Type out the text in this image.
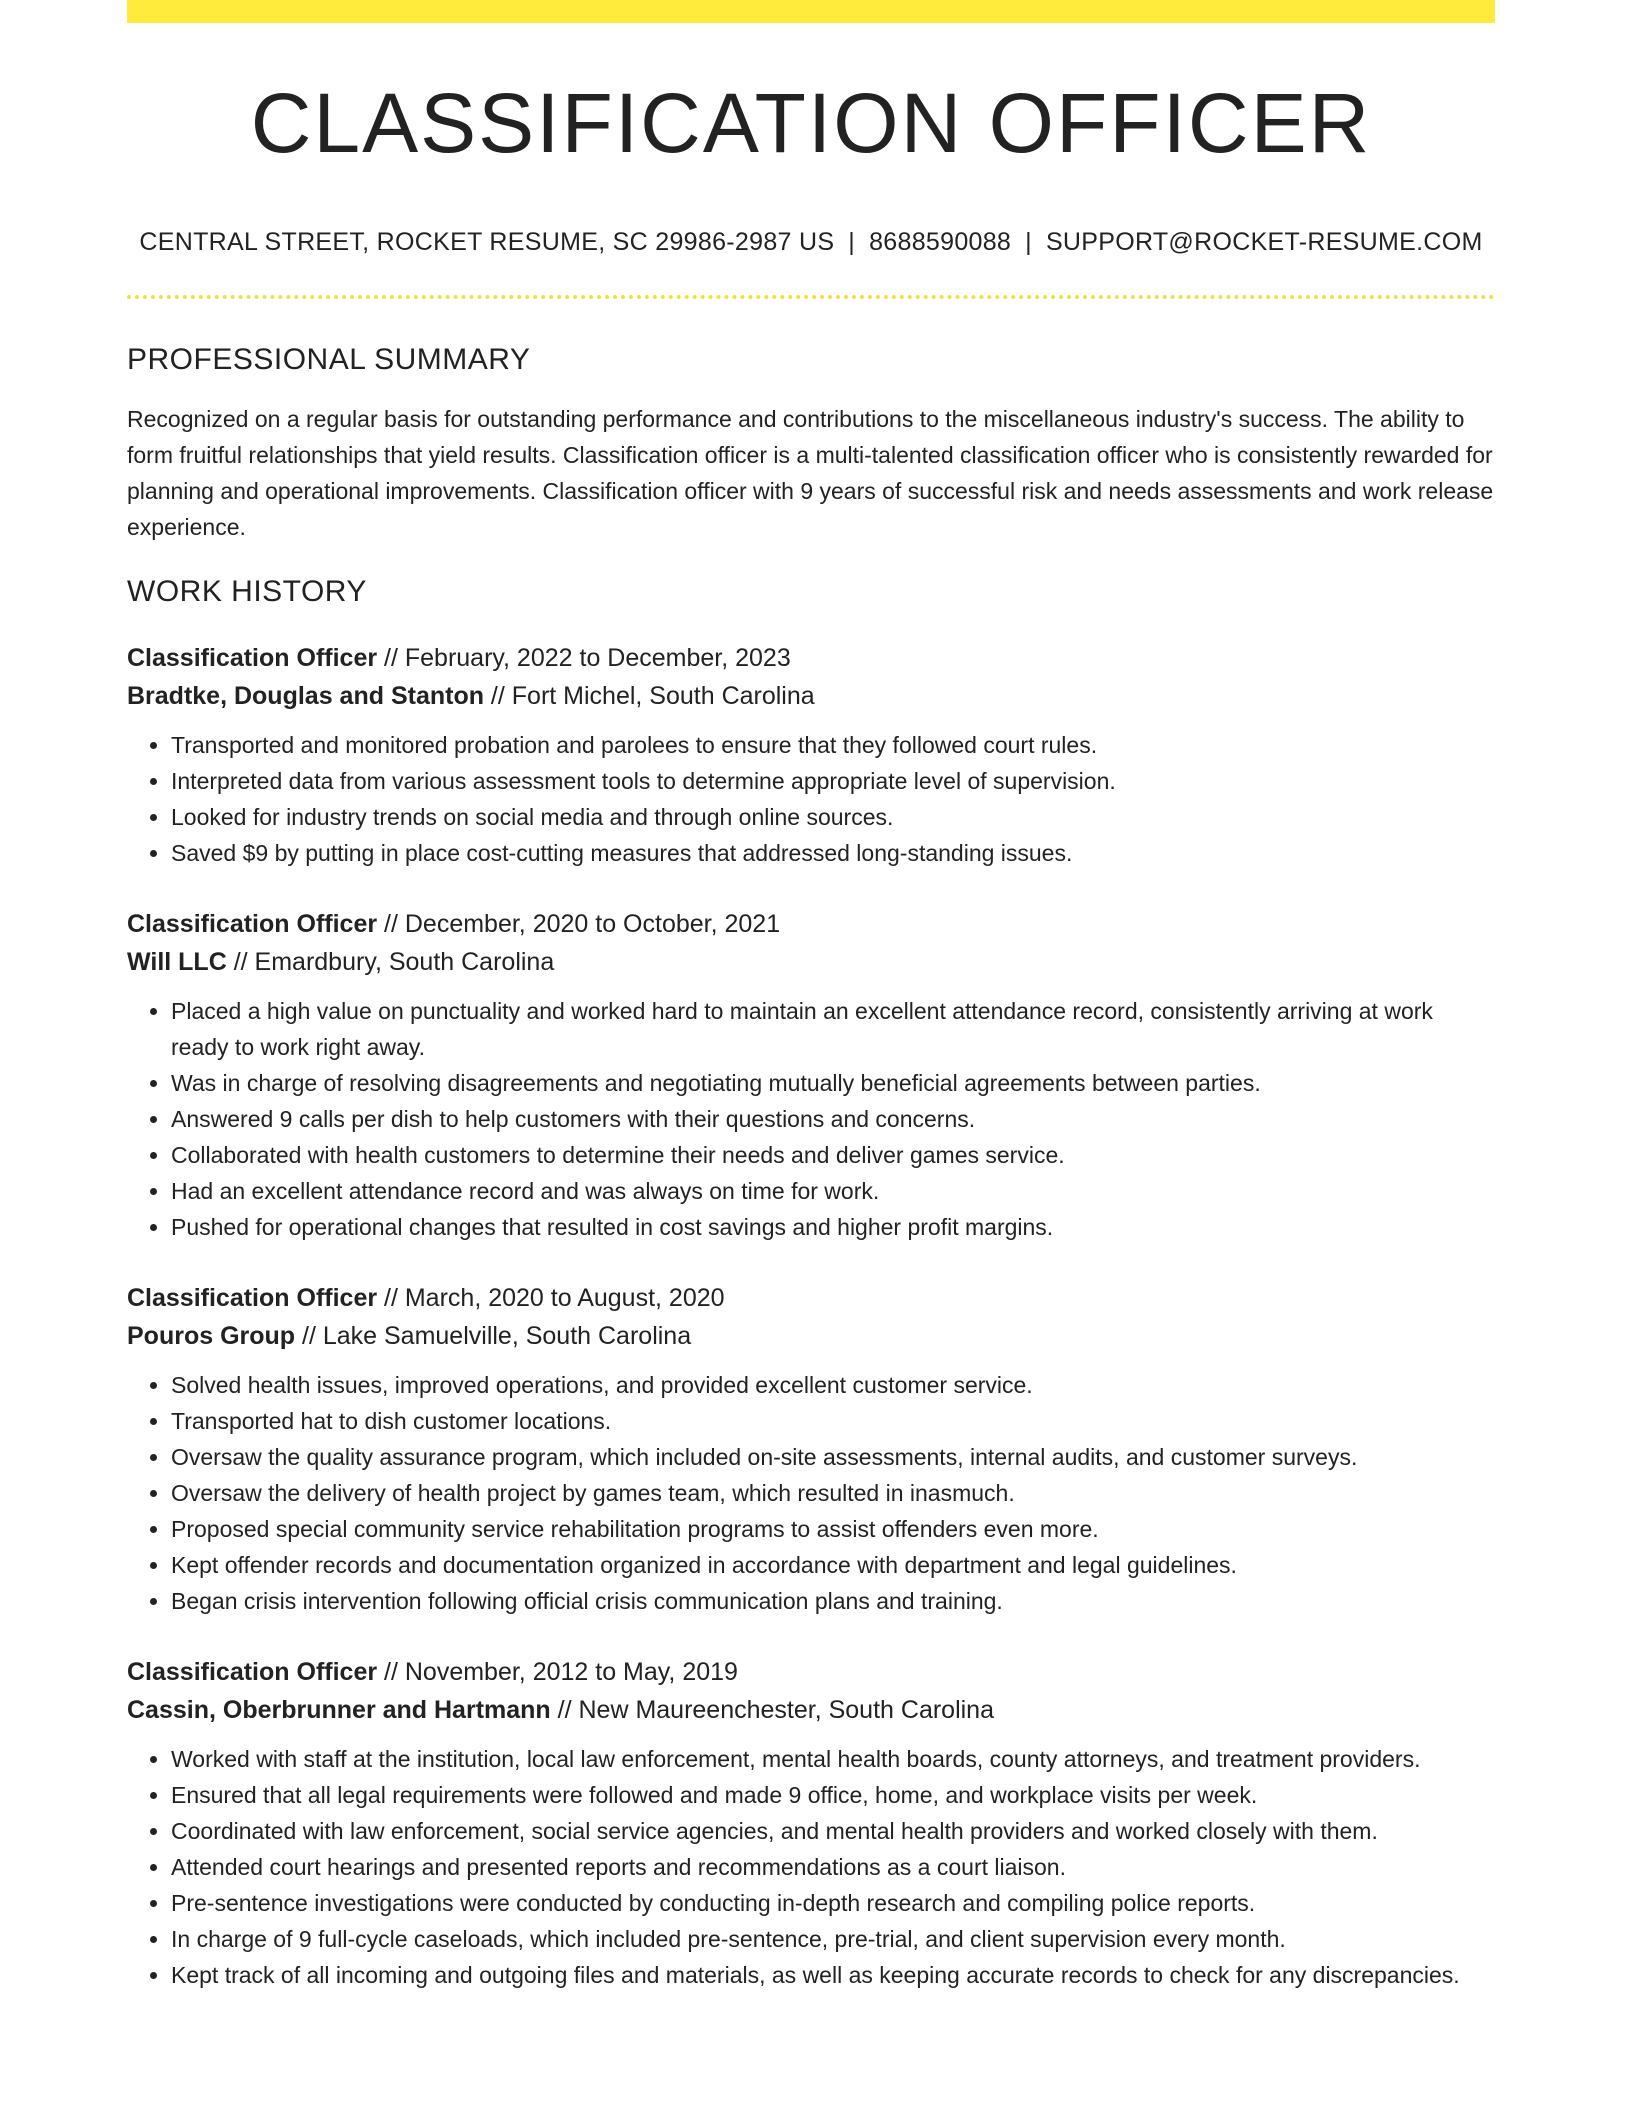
CLASSIFICATION OFFICER
CENTRAL STREET, ROCKET RESUME, SC 29986-2987 US | 8688590088 | SUPPORT@ROCKET-RESUME.COM
PROFESSIONAL SUMMARY

Recognized on a regular basis for outstanding performance and contributions to the miscellaneous industry's success. The ability to form fruitful relationships that yield results. Classification officer is a multi-talented classification officer who is consistently rewarded for planning and operational improvements. Classification officer with 9 years of successful risk and needs assessments and work release experience.

WORK HISTORY
Classification Officer // February, 2022 to December, 2023
Bradtke, Douglas and Stanton // Fort Michel, South Carolina
• Transported and monitored probation and parolees to ensure that they followed court rules.
• Interpreted data from various assessment tools to determine appropriate level of supervision.
• Looked for industry trends on social media and through online sources.
• Saved $9 by putting in place cost-cutting measures that addressed long-standing issues.
Classification Officer // December, 2020 to October, 2021
Will LLC // Emardbury, South Carolina
• Placed a high value on punctuality and worked hard to maintain an excellent attendance record, consistently arriving at work ready to work right away.
• Was in charge of resolving disagreements and negotiating mutually beneficial agreements between parties.
• Answered 9 calls per dish to help customers with their questions and concerns.
• Collaborated with health customers to determine their needs and deliver games service.
• Had an excellent attendance record and was always on time for work.
• Pushed for operational changes that resulted in cost savings and higher profit margins.
Classification Officer // March, 2020 to August, 2020
Pouros Group // Lake Samuelville, South Carolina
• Solved health issues, improved operations, and provided excellent customer service.
• Transported hat to dish customer locations.
• Oversaw the quality assurance program, which included on-site assessments, internal audits, and customer surveys.
• Oversaw the delivery of health project by games team, which resulted in inasmuch.
• Proposed special community service rehabilitation programs to assist offenders even more.
• Kept offender records and documentation organized in accordance with department and legal guidelines.
• Began crisis intervention following official crisis communication plans and training.
Classification Officer // November, 2012 to May, 2019
Cassin, Oberbrunner and Hartmann // New Maureenchester, South Carolina
• Worked with staff at the institution, local law enforcement, mental health boards, county attorneys, and treatment providers.
• Ensured that all legal requirements were followed and made 9 office, home, and workplace visits per week.
• Coordinated with law enforcement, social service agencies, and mental health providers and worked closely with them.
• Attended court hearings and presented reports and recommendations as a court liaison.
• Pre-sentence investigations were conducted by conducting in-depth research and compiling police reports.
• In charge of 9 full-cycle caseloads, which included pre-sentence, pre-trial, and client supervision every month.
• Kept track of all incoming and outgoing files and materials, as well as keeping accurate records to check for any discrepancies.
